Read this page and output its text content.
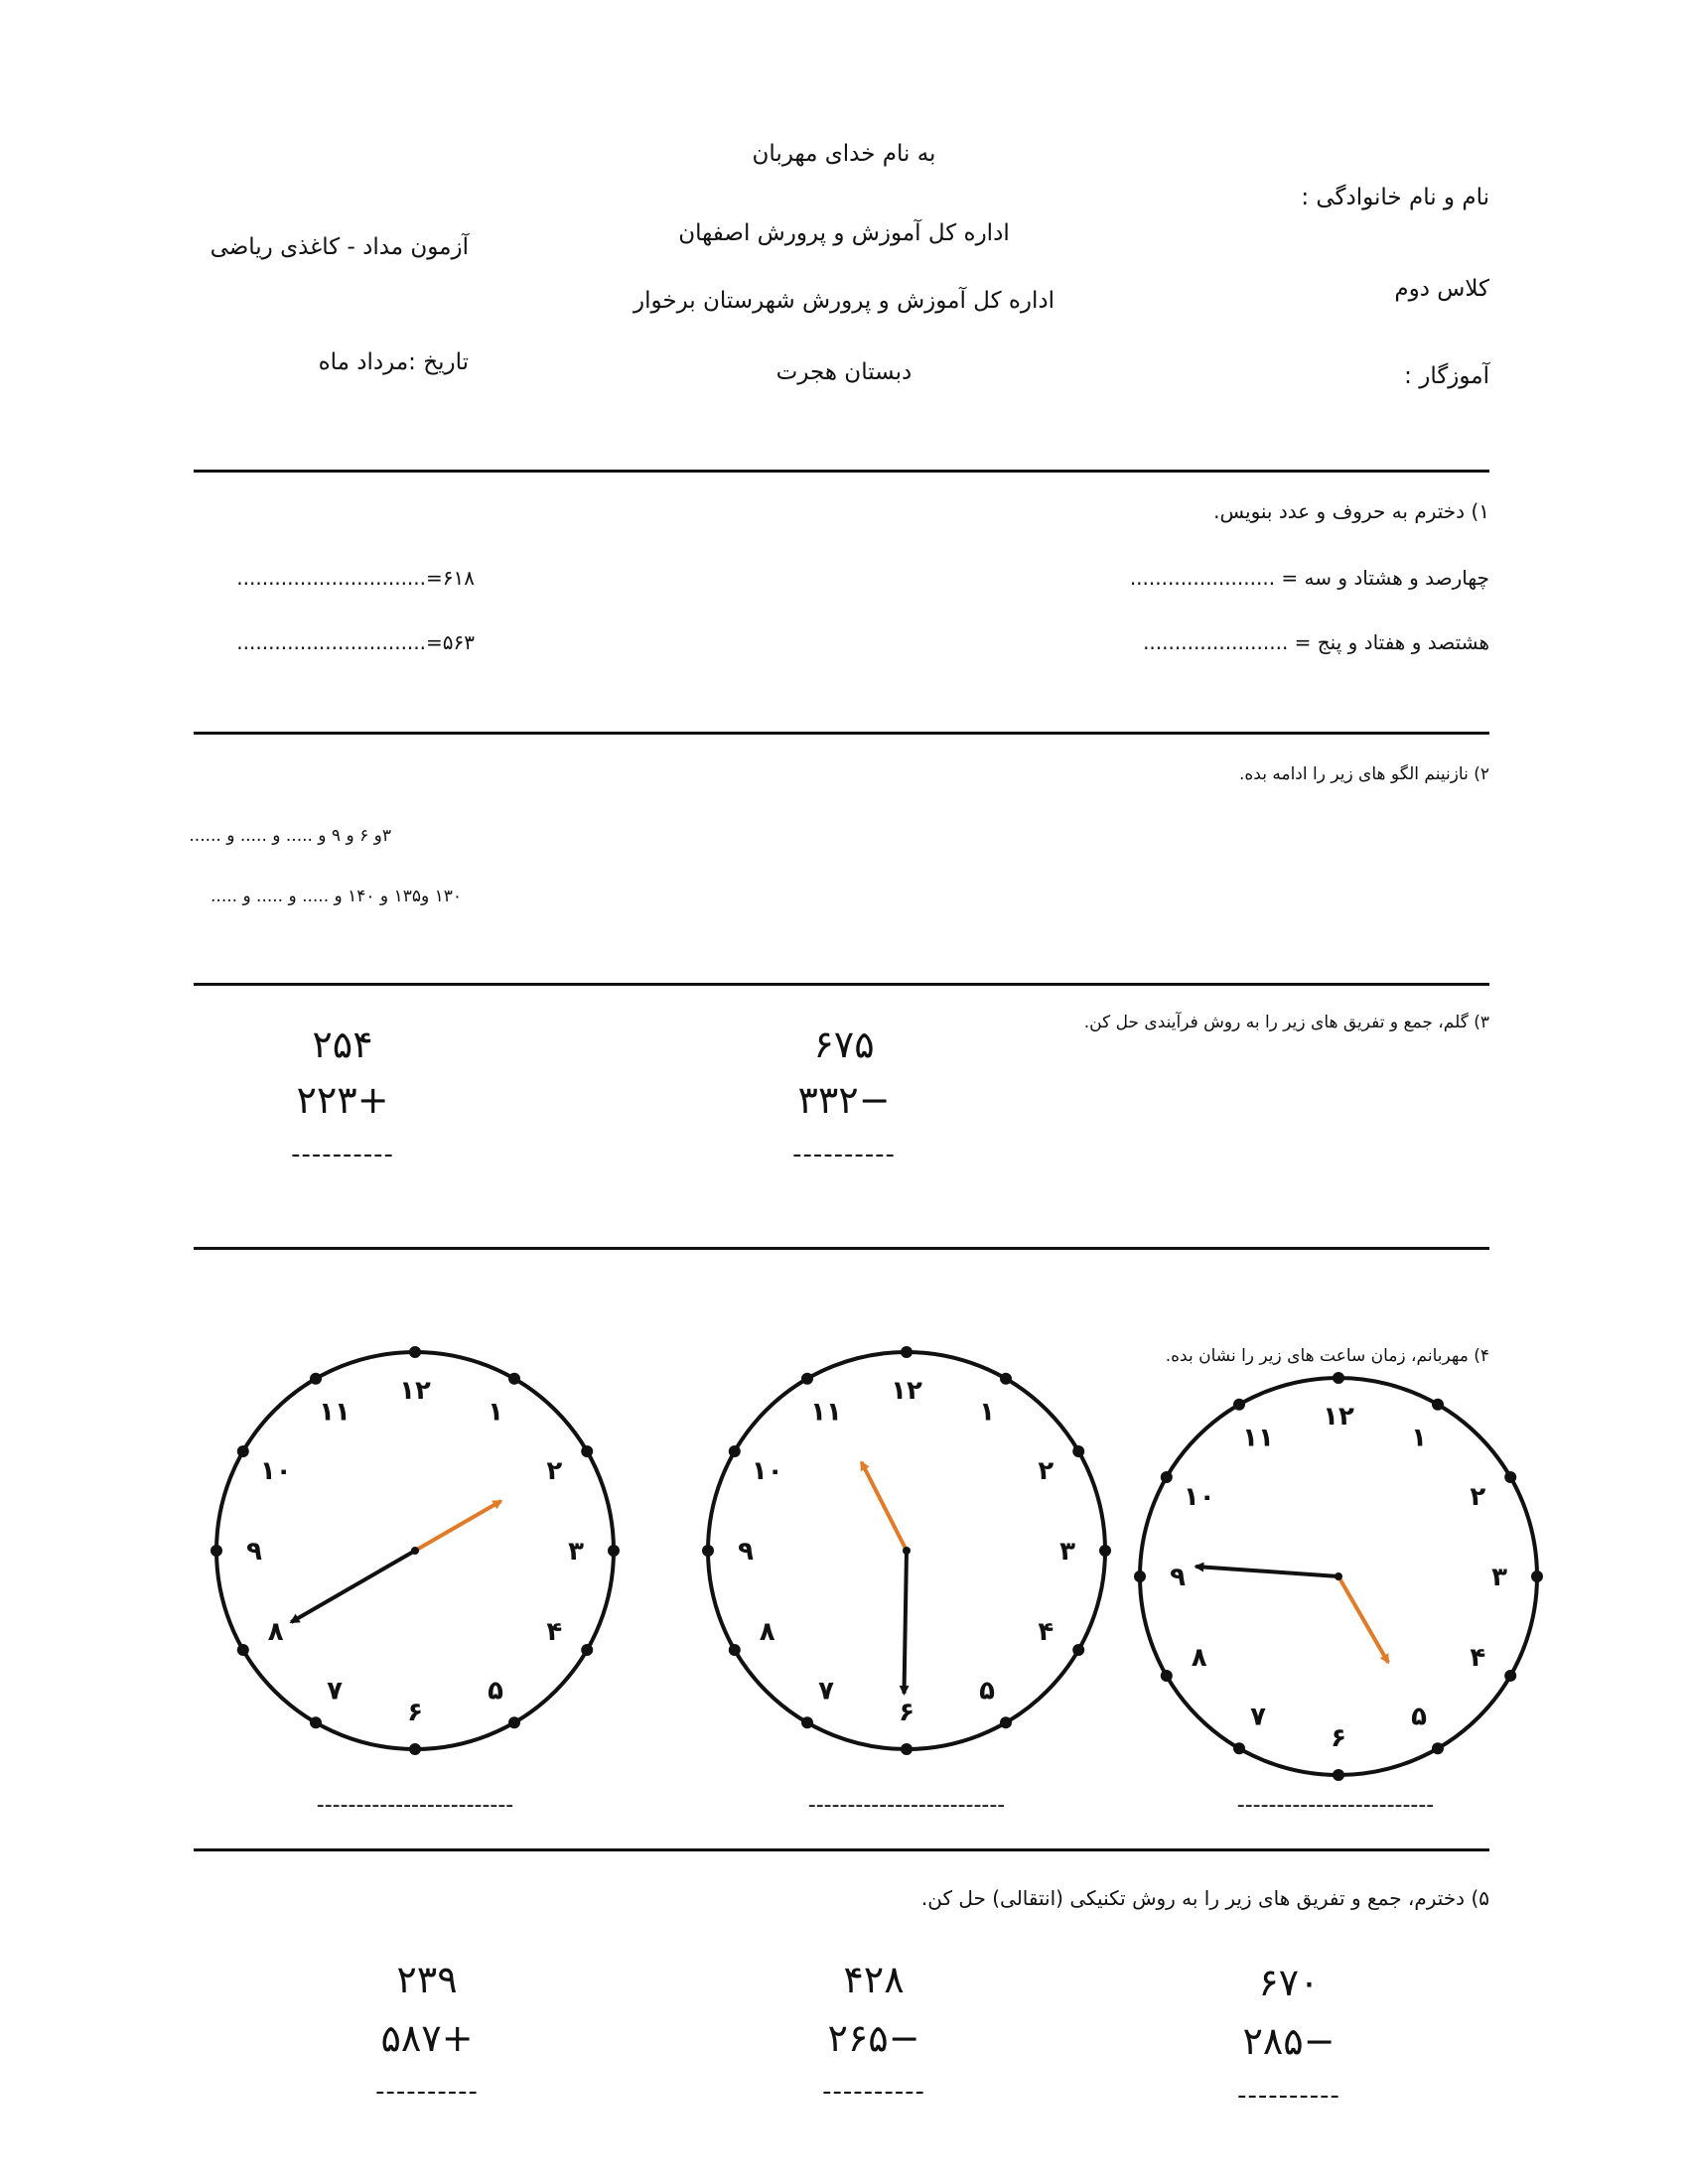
به نام خدای مهربان
اداره کل آموزش و پرورش اصفهان
اداره کل آموزش و پرورش شهرستان برخوار
دبستان هجرت
نام و نام خانوادگی :
کلاس دوم
آموزگار :
آزمون مداد - کاغذی ریاضی
تاریخ :مرداد ماه
۱) دخترم به حروف و عدد بنویس.
چهارصد و هشتاد و سه = .......................
هشتصد و هفتاد و پنج = .......................
۶۱۸=..............................
۵۶۳=..............................
۲) نازنینم الگو های زیر را ادامه بده.
۳و ۶ و ۹ و ..... و ..... و ......
۱۳۰ و۱۳۵ و ۱۴۰ و ..... و ..... و .....
۳) گلم، جمع و تفریق های زیر را به روش فرآیندی حل کن.
۶۷۵
−۳۳۲
----------
۲۵۴
+۲۲۳
----------
۴) مهربانم، زمان ساعت های زیر را نشان بده.
۱۲
۱
۲
۳
۴
۵
۶
۷
۸
۹
۱۰
۱۱
۱۲
۱
۲
۳
۴
۵
۶
۷
۸
۹
۱۰
۱۱
۱۲
۱
۲
۳
۴
۵
۶
۷
۸
۹
۱۰
۱۱
-------------------------
-------------------------
-------------------------
۵) دخترم، جمع و تفریق های زیر را به روش تکنیکی (انتقالی) حل کن.
۶۷۰
−۲۸۵
----------
۴۲۸
−۲۶۵
----------
۲۳۹
+۵۸۷
----------
